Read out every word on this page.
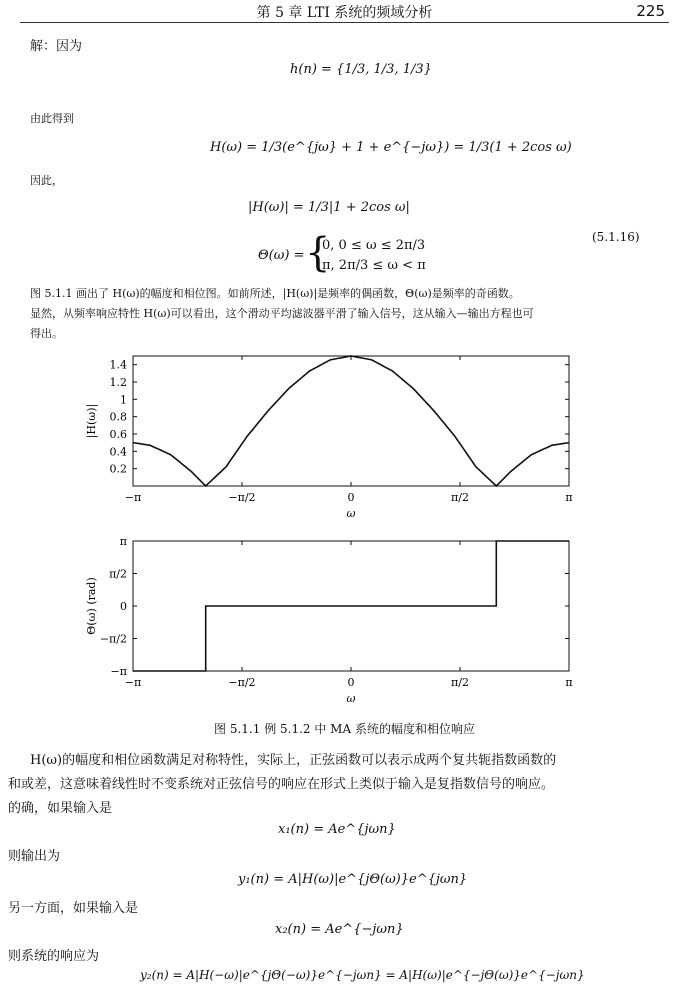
第 5 章 LTI 系统的频域分析	225
解：因为
h(n) = {1/3, 1/3, 1/3}
由此得到
H(ω) = 1/3(e^{jω} + 1 + e^{−jω}) = 1/3(1 + 2cos ω)
因此，
|H(ω)| = 1/3|1 + 2cos ω|
Θ(ω) = {
0, 0 ≤ ω ≤ 2π/3
π, 2π/3 ≤ ω < π
(5.1.16)
图 5.1.1 画出了 H(ω)的幅度和相位图。如前所述，|H(ω)|是频率的偶函数，Θ(ω)是频率的奇函数。
显然，从频率响应特性 H(ω)可以看出，这个滑动平均滤波器平滑了输入信号，这从输入—输出方程也可
得出。
−π	−π/2	0	π/2	π
0.2
0.4
0.6
0.8
1
1.2
1.4
ω
|H(ω)|
−π	−π/2	0	π/2	π
−π
−π/2
0
π/2
π
ω
Θ(ω) (rad)
图 5.1.1 例 5.1.2 中 MA 系统的幅度和相位响应
H(ω)的幅度和相位函数满足对称特性，实际上，正弦函数可以表示成两个复共轭指数函数的
和或差，这意味着线性时不变系统对正弦信号的响应在形式上类似于输入是复指数信号的响应。
的确，如果输入是
x₁(n) = Ae^{jωn}
则输出为
y₁(n) = A|H(ω)|e^{jΘ(ω)}e^{jωn}
另一方面，如果输入是
x₂(n) = Ae^{−jωn}
则系统的响应为
y₂(n) = A|H(−ω)|e^{jΘ(−ω)}e^{−jωn} = A|H(ω)|e^{−jΘ(ω)}e^{−jωn}
